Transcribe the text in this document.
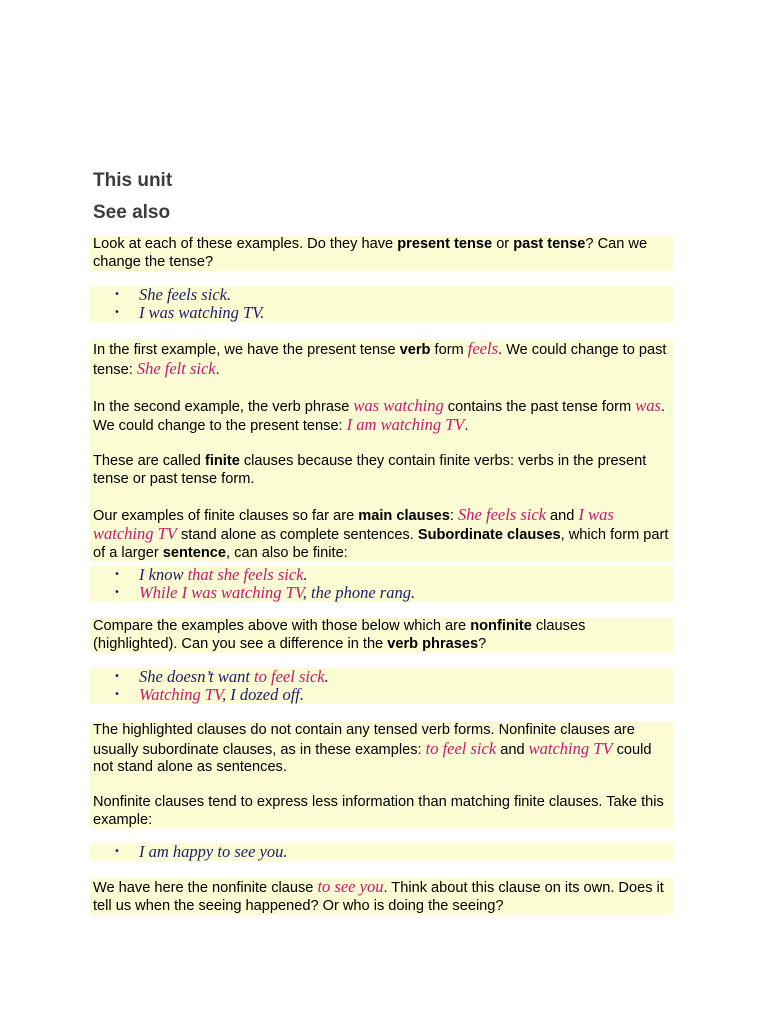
This unit
See also

Look at each of these examples. Do they have present tense or past tense? Can we change the tense?

• She feels sick.
• I was watching TV.

In the first example, we have the present tense verb form feels. We could change to past tense: She felt sick.

In the second example, the verb phrase was watching contains the past tense form was. We could change to the present tense: I am watching TV.

These are called finite clauses because they contain finite verbs: verbs in the present tense or past tense form.

Our examples of finite clauses so far are main clauses: She feels sick and I was watching TV stand alone as complete sentences. Subordinate clauses, which form part of a larger sentence, can also be finite:

• I know that she feels sick.
• While I was watching TV, the phone rang.

Compare the examples above with those below which are nonfinite clauses (highlighted). Can you see a difference in the verb phrases?

• She doesn’t want to feel sick.
• Watching TV, I dozed off.

The highlighted clauses do not contain any tensed verb forms. Nonfinite clauses are usually subordinate clauses, as in these examples: to feel sick and watching TV could not stand alone as sentences.

Nonfinite clauses tend to express less information than matching finite clauses. Take this example:

• I am happy to see you.

We have here the nonfinite clause to see you. Think about this clause on its own. Does it tell us when the seeing happened? Or who is doing the seeing?
